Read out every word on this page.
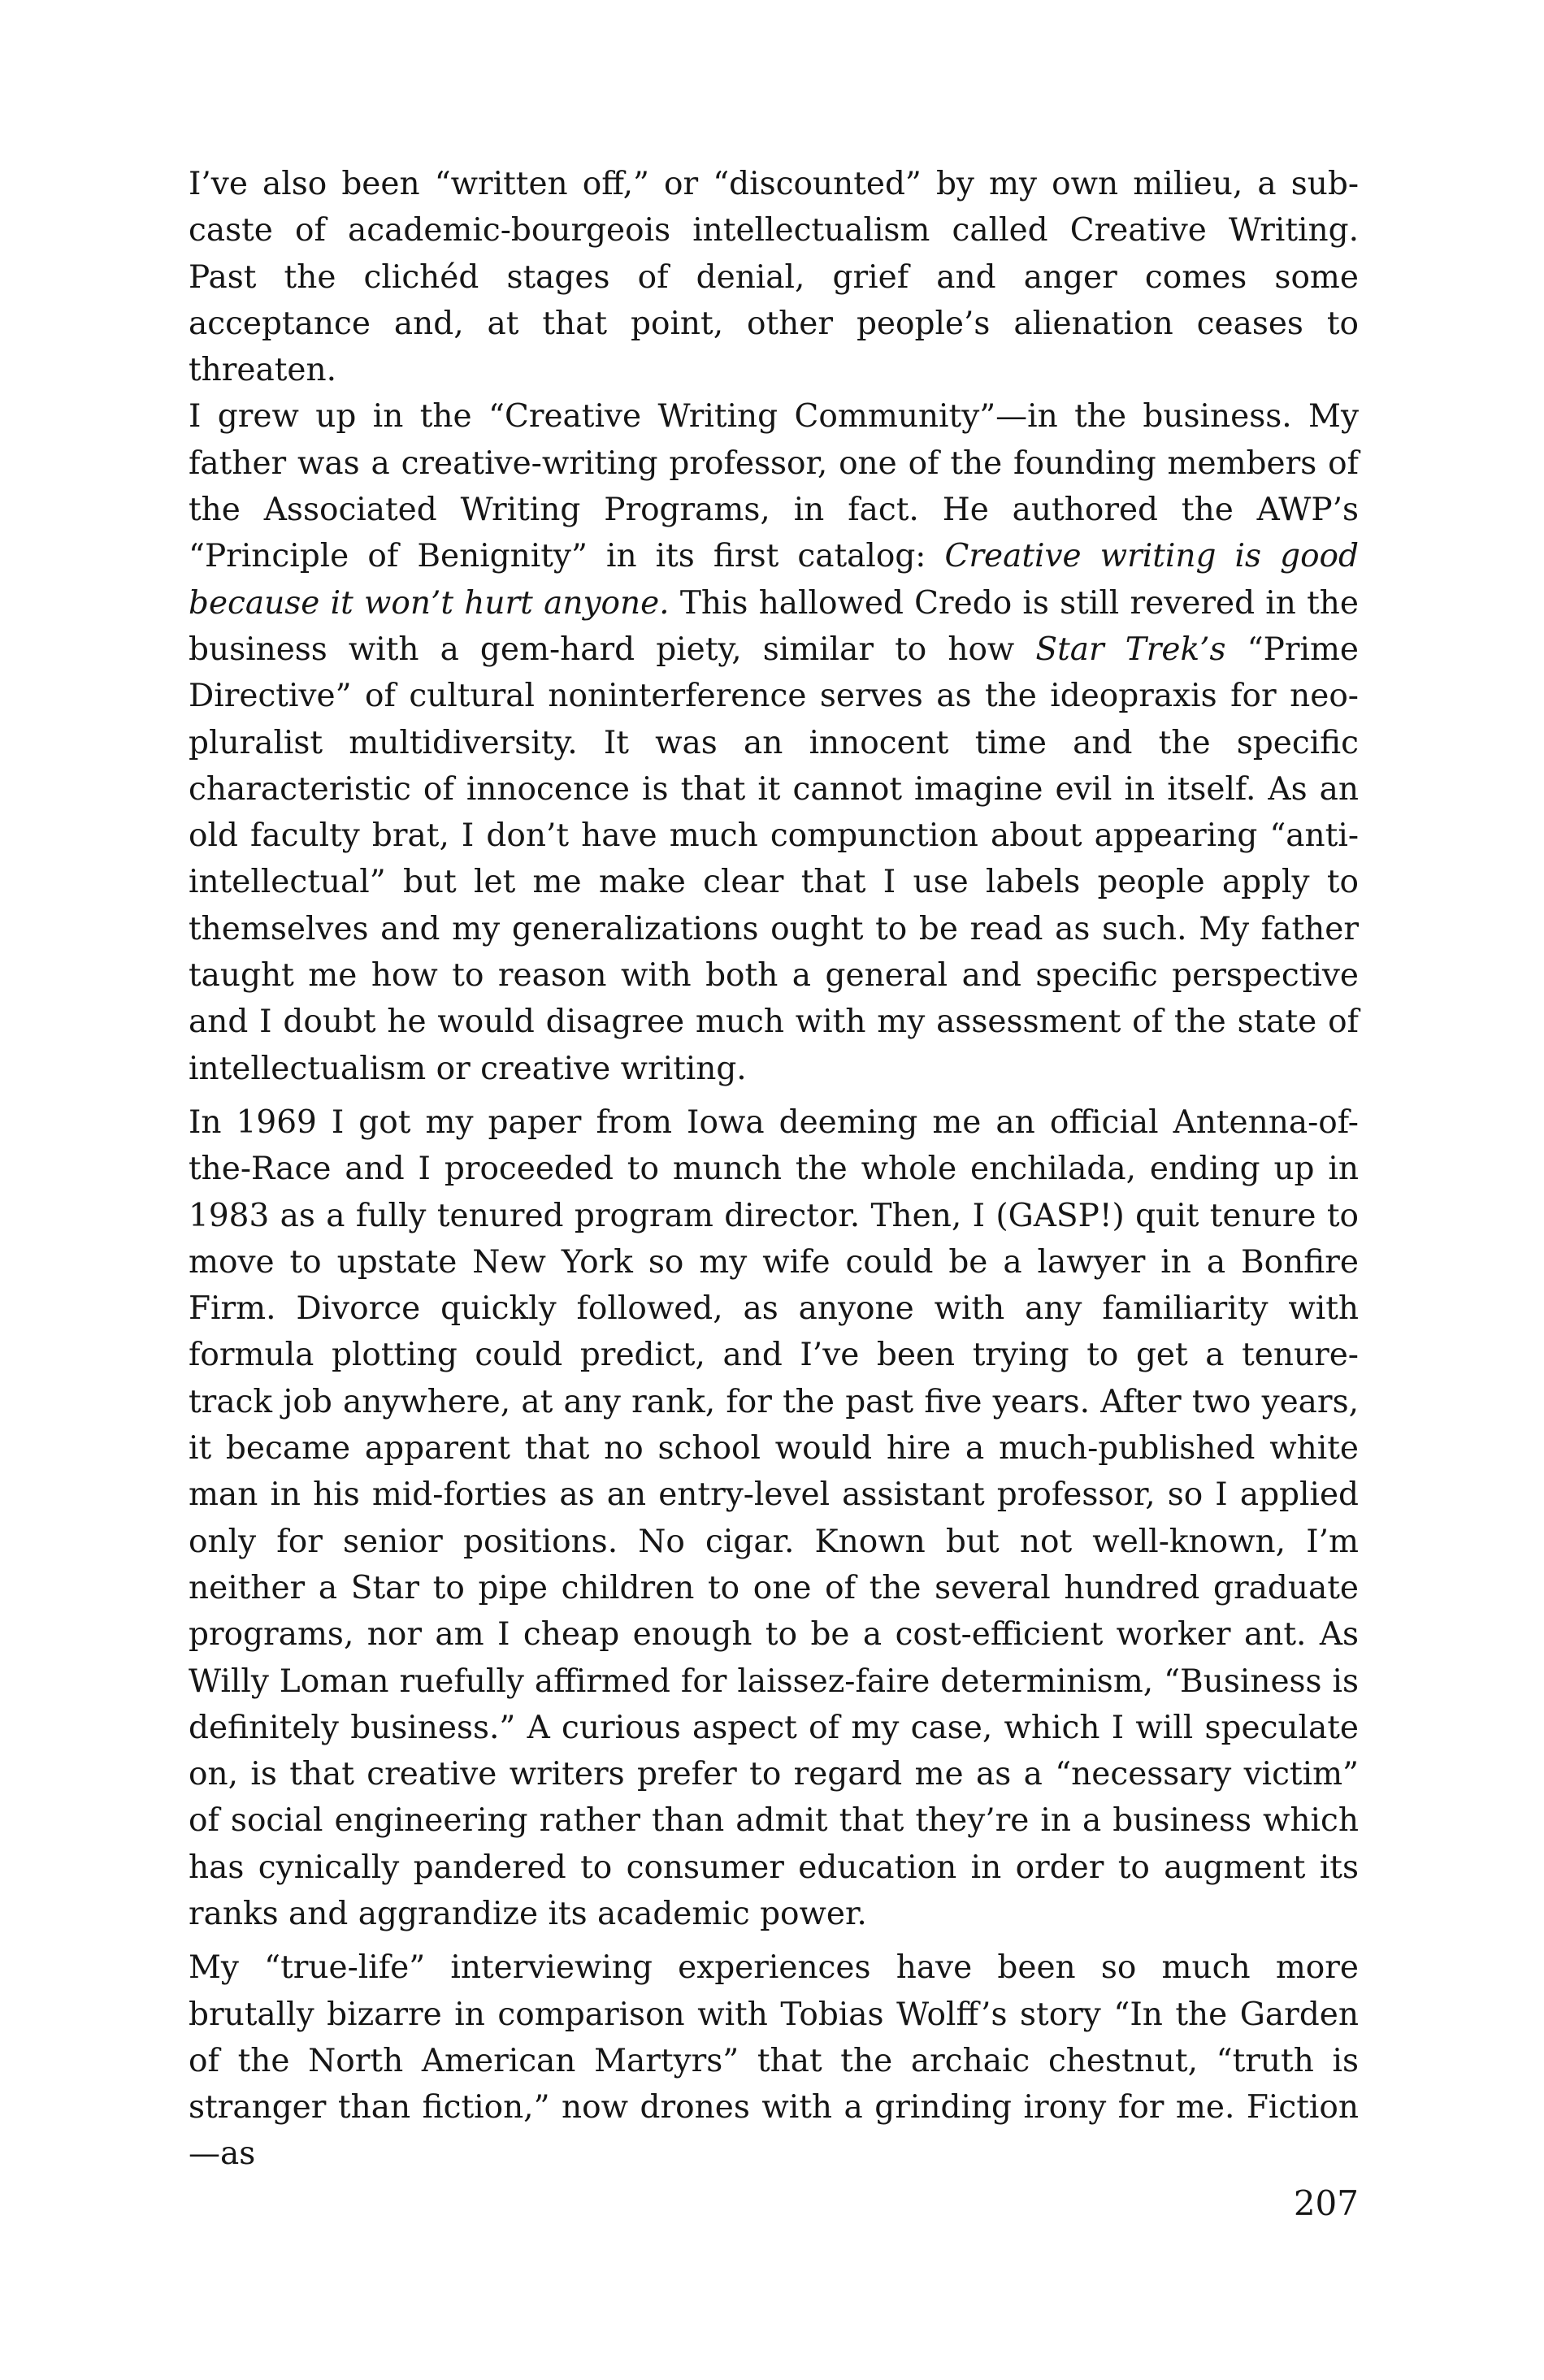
I’ve also been “written off,” or “discounted” by my own milieu, a sub-caste of academic-bourgeois intellectualism called Creative Writing. Past the clichéd stages of denial, grief and anger comes some acceptance and, at that point, other people’s alienation ceases to threaten.

I grew up in the “Creative Writing Community”—in the business. My father was a creative-writing professor, one of the founding members of the Associated Writing Programs, in fact. He authored the AWP’s “Principle of Benignity” in its first catalog: Creative writing is good because it won’t hurt anyone. This hallowed Credo is still revered in the business with a gem-hard piety, similar to how Star Trek’s “Prime Directive” of cultural noninterference serves as the ideopraxis for neo-pluralist multidiversity. It was an innocent time and the specific characteristic of innocence is that it cannot imagine evil in itself. As an old faculty brat, I don’t have much compunction about appearing “anti-intellectual” but let me make clear that I use labels people apply to themselves and my generalizations ought to be read as such. My father taught me how to reason with both a general and specific perspective and I doubt he would disagree much with my assessment of the state of intellectualism or creative writing.

In 1969 I got my paper from Iowa deeming me an official Antenna-of-the-Race and I proceeded to munch the whole enchilada, ending up in 1983 as a fully tenured program director. Then, I (GASP!) quit tenure to move to upstate New York so my wife could be a lawyer in a Bonfire Firm. Divorce quickly followed, as anyone with any familiarity with formula plotting could predict, and I’ve been trying to get a tenure-track job anywhere, at any rank, for the past five years. After two years, it became apparent that no school would hire a much-published white man in his mid-forties as an entry-level assistant professor, so I applied only for senior positions. No cigar. Known but not well-known, I’m neither a Star to pipe children to one of the several hundred graduate programs, nor am I cheap enough to be a cost-efficient worker ant. As Willy Loman ruefully affirmed for laissez-faire determinism, “Business is definitely business.” A curious aspect of my case, which I will speculate on, is that creative writers prefer to regard me as a “necessary victim” of social engineering rather than admit that they’re in a business which has cynically pandered to consumer education in order to augment its ranks and aggrandize its academic power.

My “true-life” interviewing experiences have been so much more brutally bizarre in comparison with Tobias Wolff’s story “In the Garden of the North American Martyrs” that the archaic chestnut, “truth is stranger than fiction,” now drones with a grinding irony for me. Fiction—as

207
